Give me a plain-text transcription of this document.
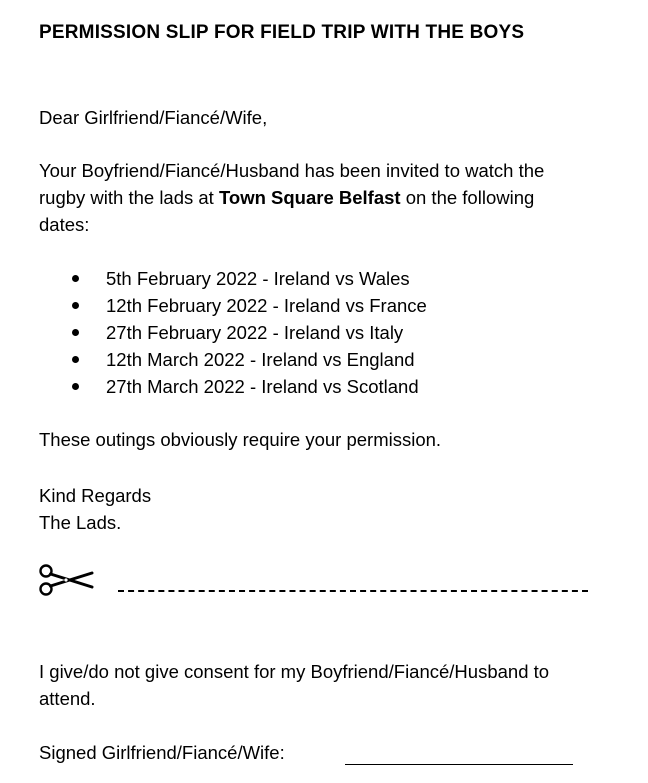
PERMISSION SLIP FOR FIELD TRIP WITH THE BOYS
Dear Girlfriend/Fiancé/Wife,
Your Boyfriend/Fiancé/Husband has been invited to watch the
rugby with the lads at Town Square Belfast on the following
dates:
5th February 2022 - Ireland vs Wales
12th February 2022 - Ireland vs France
27th February 2022 - Ireland vs Italy
12th March 2022 - Ireland vs England
27th March 2022 - Ireland vs Scotland
These outings obviously require your permission.
Kind Regards
The Lads.
I give/do not give consent for my Boyfriend/Fiancé/Husband to
attend.
Signed Girlfriend/Fiancé/Wife:
